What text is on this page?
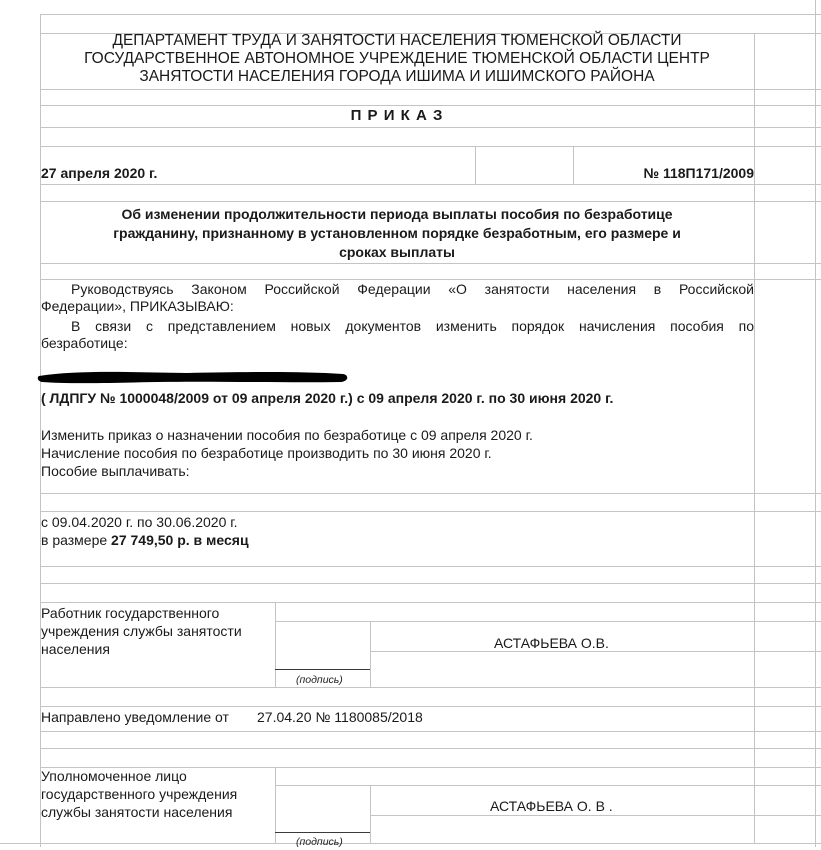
ДЕПАРТАМЕНТ ТРУДА И ЗАНЯТОСТИ НАСЕЛЕНИЯ ТЮМЕНСКОЙ ОБЛАСТИ
ГОСУДАРСТВЕННОЕ АВТОНОМНОЕ УЧРЕЖДЕНИЕ ТЮМЕНСКОЙ ОБЛАСТИ ЦЕНТР
ЗАНЯТОСТИ НАСЕЛЕНИЯ ГОРОДА ИШИМА И ИШИМСКОГО РАЙОНА
П Р И К А З
27 апреля 2020 г.	№ 118П171/2009
Об изменении продолжительности периода выплаты пособия по безработице
гражданину, признанному в установленном порядке безработным, его размере и
сроках выплаты
Руководствуясь Законом Российской Федерации «О занятости населения в Российской
Федерации», ПРИКАЗЫВАЮ:
В связи с представлением новых документов изменить порядок начисления пособия по
безработице:
( ЛДПГУ № 1000048/2009 от 09 апреля 2020 г.) с 09 апреля 2020 г. по 30 июня 2020 г.
Изменить приказ о назначении пособия по безработице с 09 апреля 2020 г.
Начисление пособия по безработице производить по 30 июня 2020 г.
Пособие выплачивать:
с 09.04.2020 г. по 30.06.2020 г.
в размере 27 749,50 р. в месяц
Работник государственного
учреждения службы занятости
населения	АСТАФЬЕВА О.В.
(подпись)
Направлено уведомление от 27.04.20 № 1180085/2018
Уполномоченное лицо
государственного учреждения
службы занятости населения	АСТАФЬЕВА О. В .
(подпись)
